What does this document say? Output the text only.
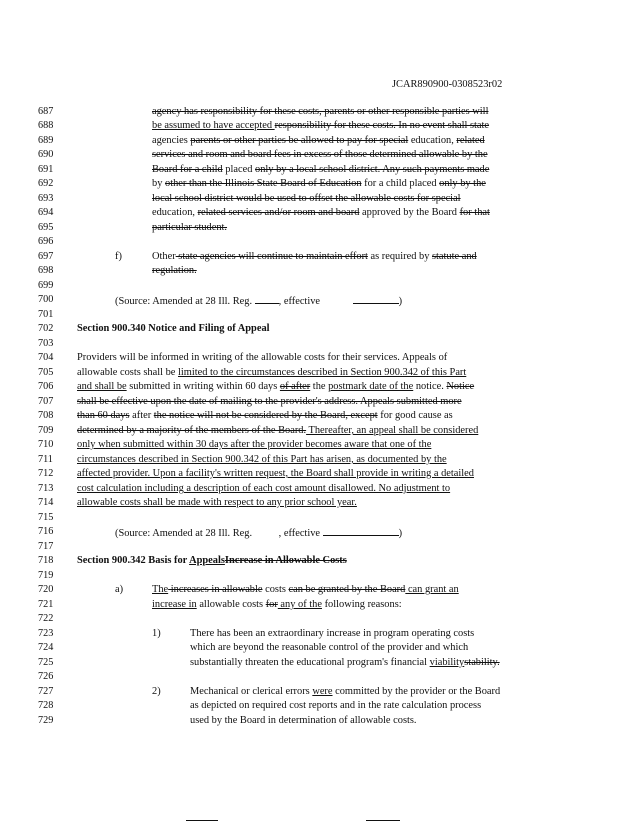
JCAR890900-0308523r02
687
688
689
690
691
692
693
694
695
696
697
698
699
700
701
702
703
704
705
706
707
708
709
710
711
712
713
714
715
716
717
718
719
720
721
722
723
724
725
726
727
728
729
agency has responsibility for these costs, parents or other responsible parties will
be assumed to have accepted responsibility for these costs. In no event shall state
agencies parents or other parties be allowed to pay for special education, related
services and room and board fees in excess of those determined allowable by the
Board for a child placed only by a local school district. Any such payments made
by other than the Illinois State Board of Education for a child placed only by the
local school district would be used to offset the allowable costs for special
education, related services and/or room and board approved by the Board for that
particular student.
f)	Other state agencies will continue to maintain effort as required by statute and
regulation.
(Source: Amended at 28 Ill. Reg. , effective	)
Section 900.340 Notice and Filing of Appeal
Providers will be informed in writing of the allowable costs for their services. Appeals of
allowable costs shall be limited to the circumstances described in Section 900.342 of this Part
and shall be submitted in writing within 60 days of after the postmark date of the notice. Notice
shall be effective upon the date of mailing to the provider's address. Appeals submitted more
than 60 days after the notice will not be considered by the Board, except for good cause as
determined by a majority of the members of the Board. Thereafter, an appeal shall be considered
only when submitted within 30 days after the provider becomes aware that one of the
circumstances described in Section 900.342 of this Part has arisen, as documented by the
affected provider. Upon a facility's written request, the Board shall provide in writing a detailed
cost calculation including a description of each cost amount disallowed. No adjustment to
allowable costs shall be made with respect to any prior school year.
(Source: Amended at 28 Ill. Reg. , effective	)
Section 900.342 Basis for AppealsIncrease in Allowable Costs
a)	The increases in allowable costs can be granted by the Board can grant an
increase in allowable costs for any of the following reasons:
1)	There has been an extraordinary increase in program operating costs
which are beyond the reasonable control of the provider and which
substantially threaten the educational program's financial viabilitystability.
2)	Mechanical or clerical errors were committed by the provider or the Board
as depicted on required cost reports and in the rate calculation process
used by the Board in determination of allowable costs.
